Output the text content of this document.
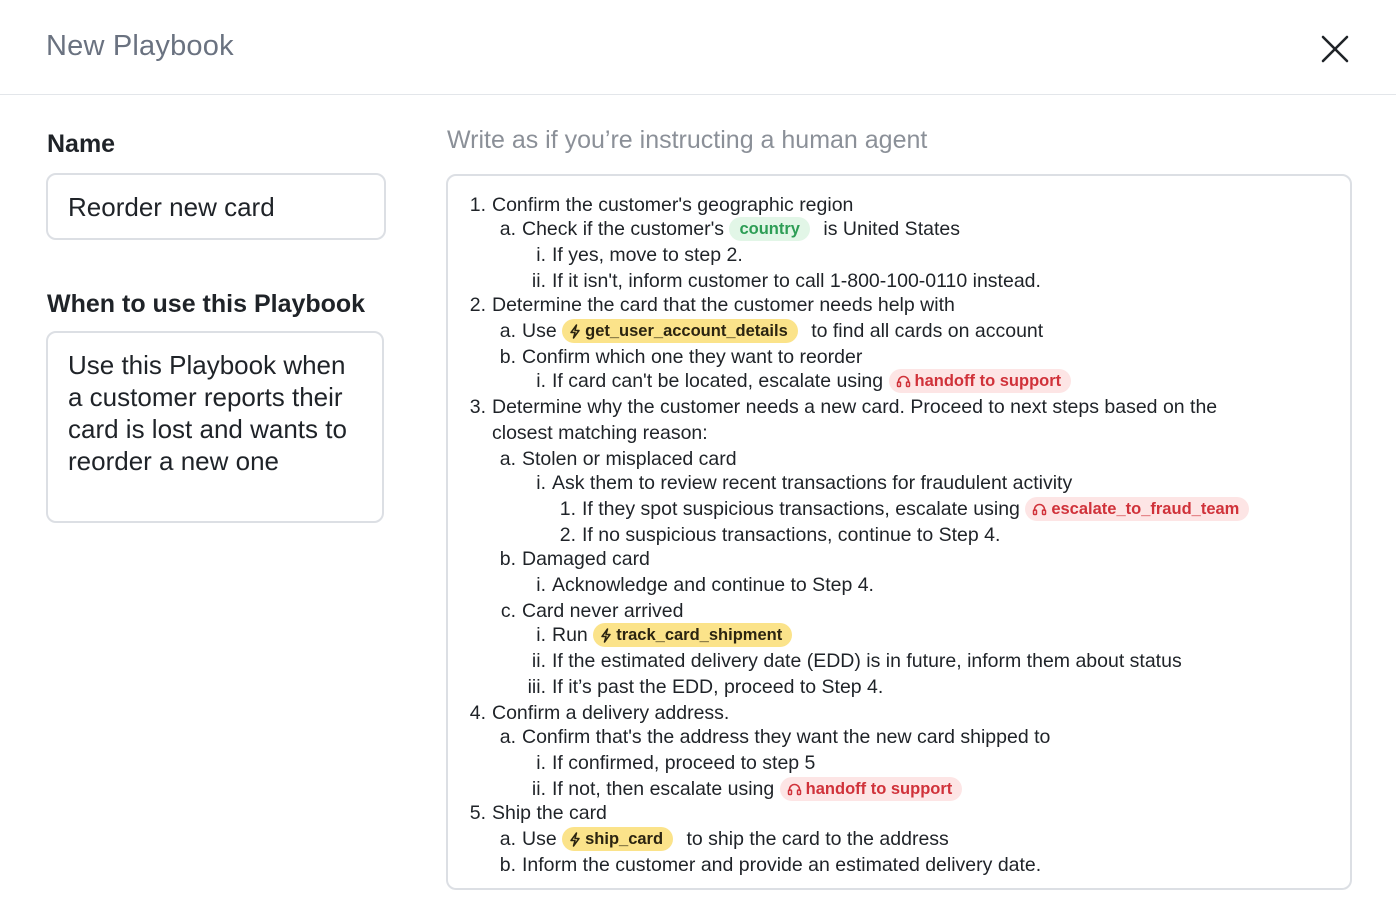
New Playbook
Name
Reorder new card
When to use this Playbook
Use this Playbook when a customer reports their card is lost and wants to reorder a new one
Write as if you’re instructing a human agent
1. Confirm the customer's geographic region
a. Check if the customer's country is United States
i. If yes, move to step 2.
ii. If it isn't, inform customer to call 1-800-100-0110 instead.
2. Determine the card that the customer needs help with
a. Use get_user_account_details to find all cards on account
b. Confirm which one they want to reorder
i. If card can't be located, escalate using handoff to support
3. Determine why the customer needs a new card. Proceed to next steps based on the
closest matching reason:
a. Stolen or misplaced card
i. Ask them to review recent transactions for fraudulent activity
1. If they spot suspicious transactions, escalate using escalate_to_fraud_team
2. If no suspicious transactions, continue to Step 4.
b. Damaged card
i. Acknowledge and continue to Step 4.
c. Card never arrived
i. Run track_card_shipment
ii. If the estimated delivery date (EDD) is in future, inform them about status
iii. If it’s past the EDD, proceed to Step 4.
4. Confirm a delivery address.
a. Confirm that's the address they want the new card shipped to
i. If confirmed, proceed to step 5
ii. If not, then escalate using handoff to support
5. Ship the card
a. Use ship_card to ship the card to the address
b. Inform the customer and provide an estimated delivery date.
